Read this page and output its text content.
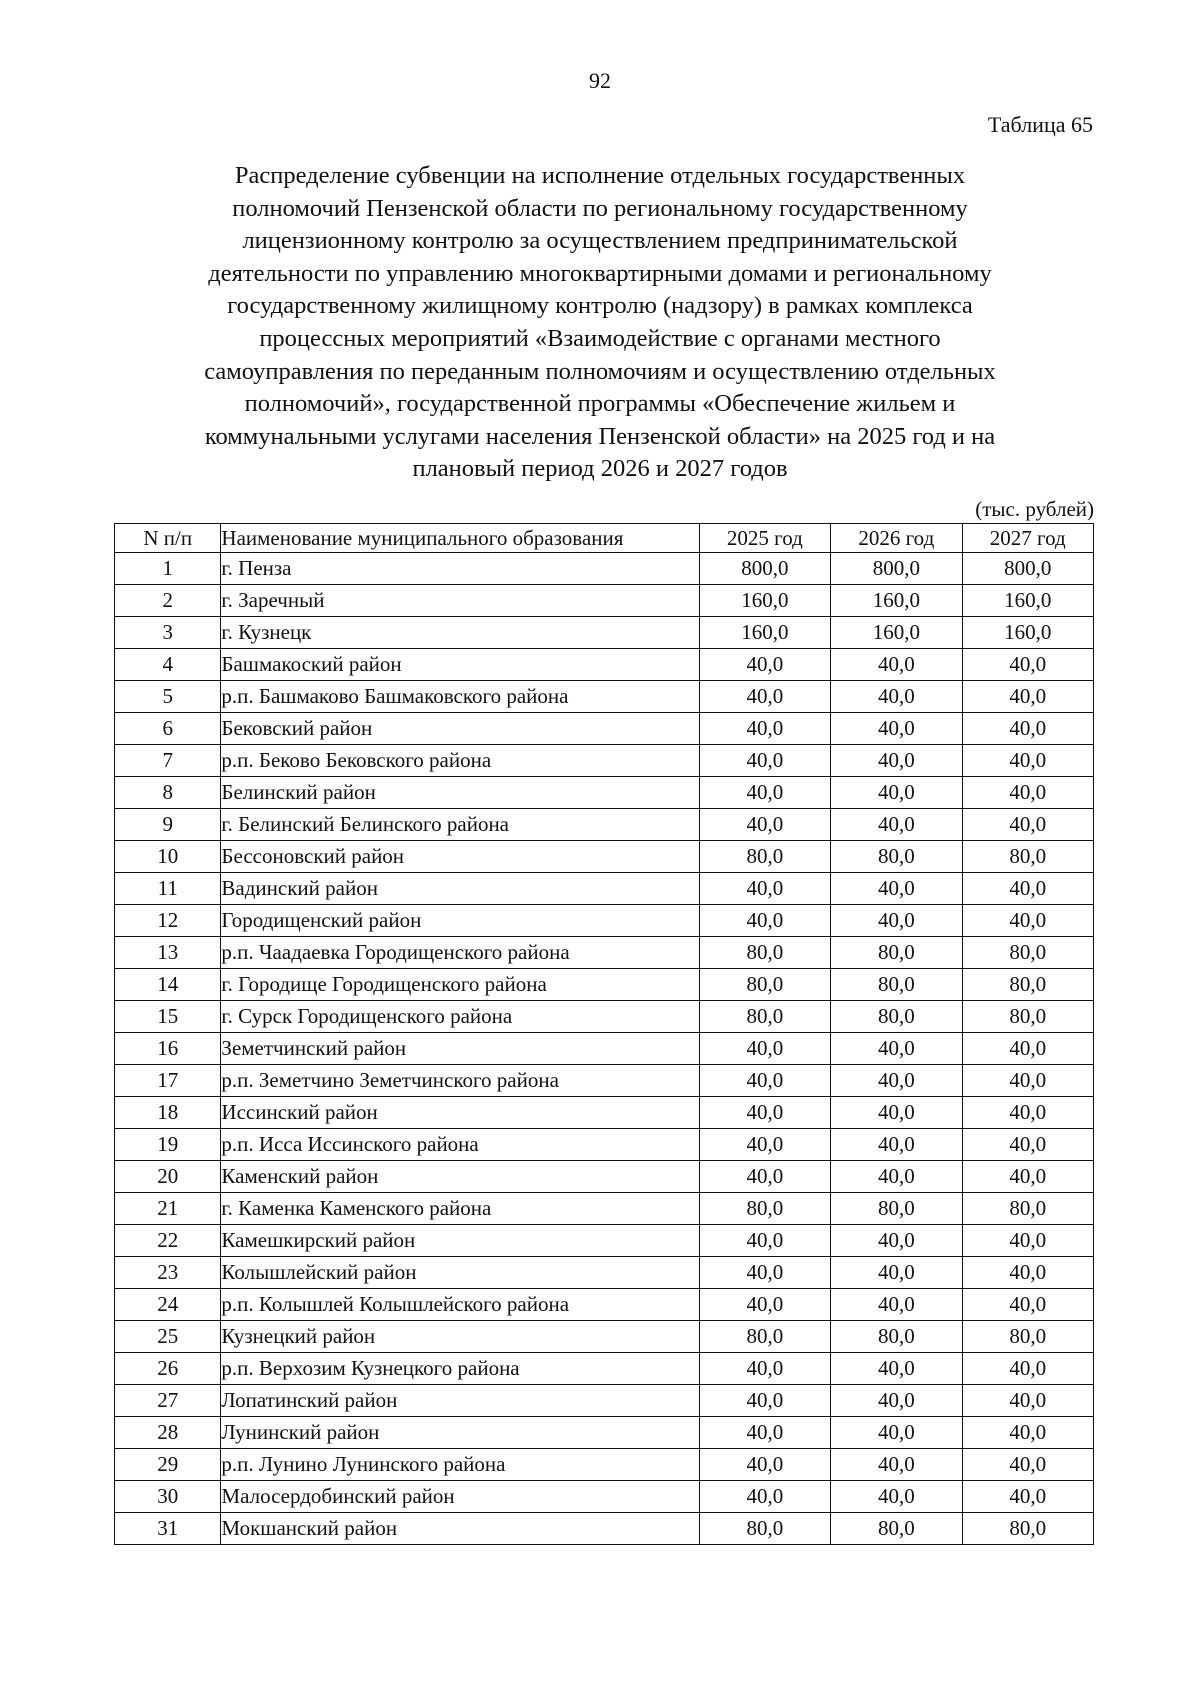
92
Таблица 65
Распределение субвенции на исполнение отдельных государственных
полномочий Пензенской области по региональному государственному
лицензионному контролю за осуществлением предпринимательской
деятельности по управлению многоквартирными домами и региональному
государственному жилищному контролю (надзору) в рамках комплекса
процессных мероприятий «Взаимодействие с органами местного
самоуправления по переданным полномочиям и осуществлению отдельных
полномочий», государственной программы «Обеспечение жильем и
коммунальными услугами населения Пензенской области» на 2025 год и на
плановый период 2026 и 2027 годов
(тыс. рублей)
N п/п	Наименование муниципального образования	2025 год	2026 год	2027 год
1	г. Пенза	800,0	800,0	800,0
2	г. Заречный	160,0	160,0	160,0
3	г. Кузнецк	160,0	160,0	160,0
4	Башмакоский район	40,0	40,0	40,0
5	р.п. Башмаково Башмаковского района	40,0	40,0	40,0
6	Бековский район	40,0	40,0	40,0
7	р.п. Беково Бековского района	40,0	40,0	40,0
8	Белинский район	40,0	40,0	40,0
9	г. Белинский Белинского района	40,0	40,0	40,0
10	Бессоновский район	80,0	80,0	80,0
11	Вадинский район	40,0	40,0	40,0
12	Городищенский район	40,0	40,0	40,0
13	р.п. Чаадаевка Городищенского района	80,0	80,0	80,0
14	г. Городище Городищенского района	80,0	80,0	80,0
15	г. Сурск Городищенского района	80,0	80,0	80,0
16	Земетчинский район	40,0	40,0	40,0
17	р.п. Земетчино Земетчинского района	40,0	40,0	40,0
18	Иссинский район	40,0	40,0	40,0
19	р.п. Исса Иссинского района	40,0	40,0	40,0
20	Каменский район	40,0	40,0	40,0
21	г. Каменка Каменского района	80,0	80,0	80,0
22	Камешкирский район	40,0	40,0	40,0
23	Колышлейский район	40,0	40,0	40,0
24	р.п. Колышлей Колышлейского района	40,0	40,0	40,0
25	Кузнецкий район	80,0	80,0	80,0
26	р.п. Верхозим Кузнецкого района	40,0	40,0	40,0
27	Лопатинский район	40,0	40,0	40,0
28	Лунинский район	40,0	40,0	40,0
29	р.п. Лунино Лунинского района	40,0	40,0	40,0
30	Малосердобинский район	40,0	40,0	40,0
31	Мокшанский район	80,0	80,0	80,0
